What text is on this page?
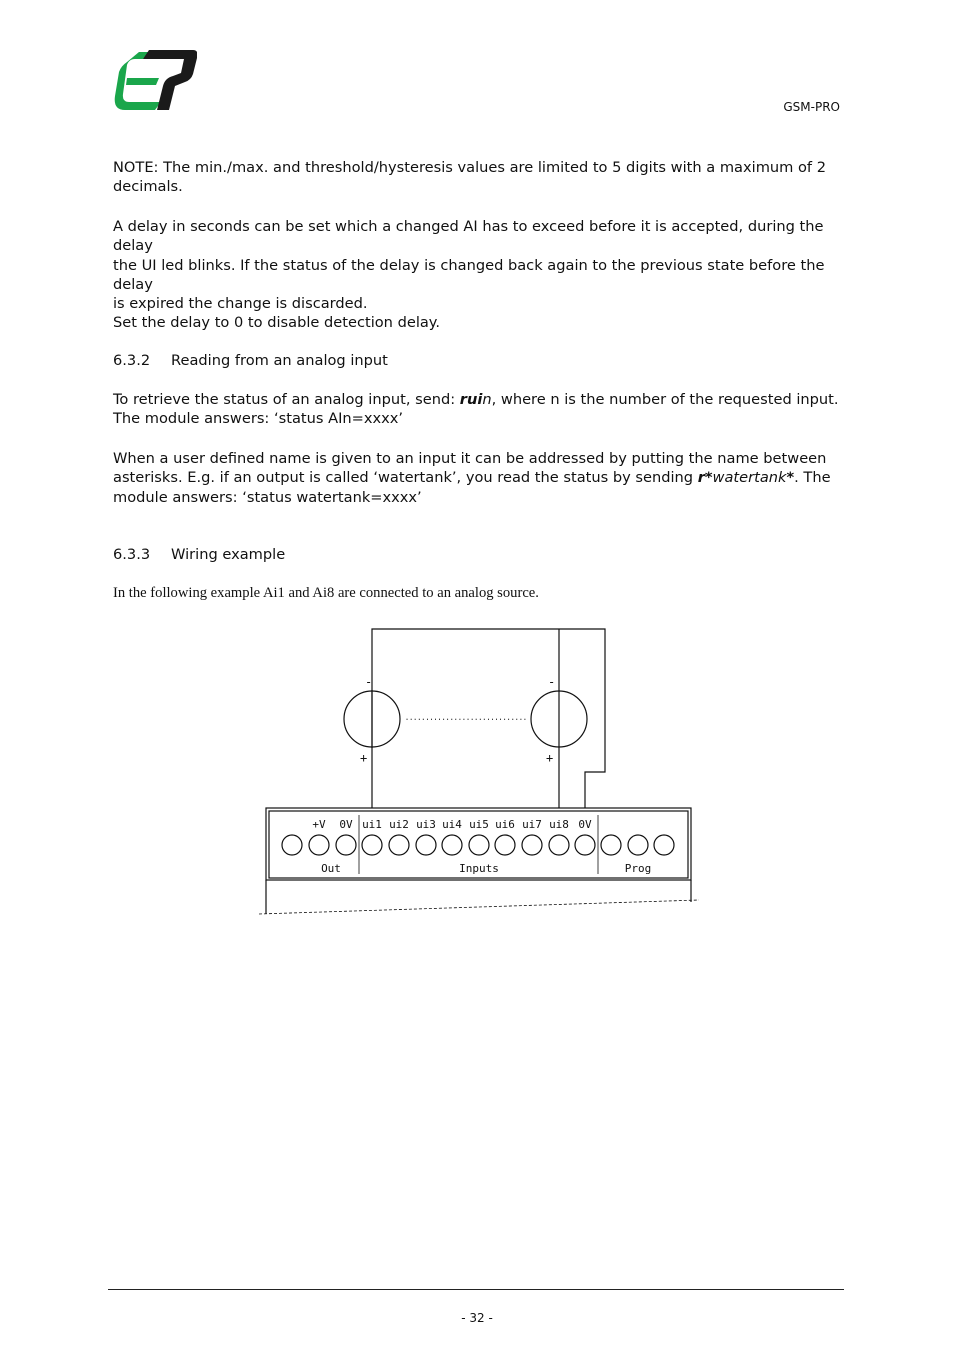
GSM-PRO

NOTE: The min./max. and threshold/hysteresis values are limited to 5 digits with a maximum of 2
decimals.

A delay in seconds can be set which a changed AI has to exceed before it is accepted, during the delay
the UI led blinks. If the status of the delay is changed back again to the previous state before the delay
is expired the change is discarded.
Set the delay to 0 to disable detection delay.

6.3.2 Reading from an analog input

To retrieve the status of an analog input, send: ruin, where n is the number of the requested input.
The module answers: ‘status AIn=xxxx’

When a user defined name is given to an input it can be addressed by putting the name between
asterisks. E.g. if an output is called ‘watertank’, you read the status by sending r*watertank*. The
module answers: ‘status watertank=xxxx’

6.3.3 Wiring example

In the following example Ai1 and Ai8 are connected to an analog source.

-
+
-
+
..............................
+V 0V ui1 ui2 ui3 ui4 ui5 ui6 ui7 ui8 0V
Out	Inputs	Prog
- 32 -
